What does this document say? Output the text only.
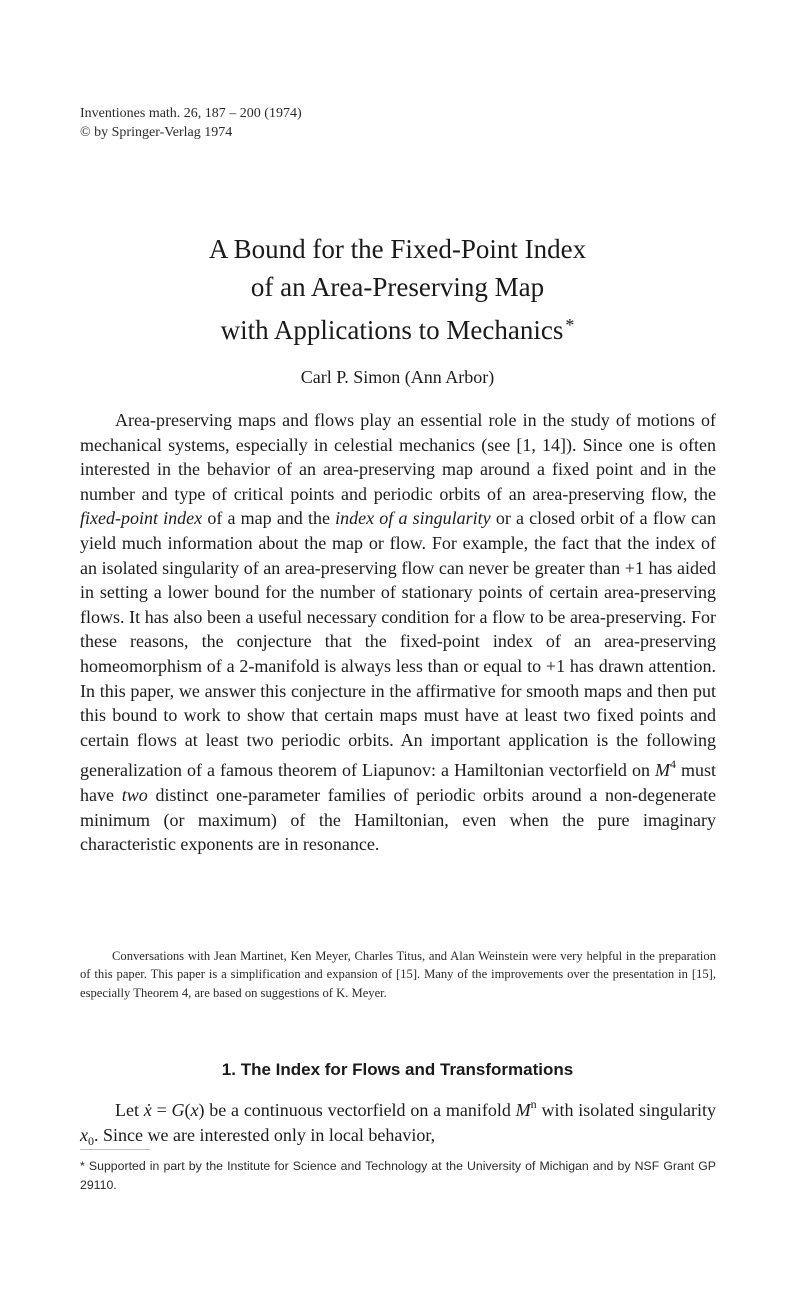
Inventiones math. 26, 187 – 200 (1974)
© by Springer-Verlag 1974
A Bound for the Fixed-Point Index
of an Area-Preserving Map
with Applications to Mechanics *
Carl P. Simon (Ann Arbor)

Area-preserving maps and flows play an essential role in the study of motions of mechanical systems, especially in celestial mechanics (see [1, 14]). Since one is often interested in the behavior of an area-preserving map around a fixed point and in the number and type of critical points and periodic orbits of an area-preserving flow, the fixed-point index of a map and the index of a singularity or a closed orbit of a flow can yield much information about the map or flow. For example, the fact that the index of an isolated singularity of an area-preserving flow can never be greater than +1 has aided in setting a lower bound for the number of stationary points of certain area-preserving flows. It has also been a useful necessary condition for a flow to be area-preserving. For these reasons, the conjecture that the fixed-point index of an area-preserving homeomorphism of a 2-manifold is always less than or equal to +1 has drawn attention. In this paper, we answer this conjecture in the affirmative for smooth maps and then put this bound to work to show that certain maps must have at least two fixed points and certain flows at least two periodic orbits. An important application is the following generalization of a famous theorem of Liapunov: a Hamiltonian vectorfield on $M^4$ must have two distinct one-parameter families of periodic orbits around a non-degenerate minimum (or maximum) of the Hamiltonian, even when the pure imaginary characteristic exponents are in resonance.

Conversations with Jean Martinet, Ken Meyer, Charles Titus, and Alan Weinstein were very helpful in the preparation of this paper. This paper is a simplification and expansion of [15]. Many of the improvements over the presentation in [15], especially Theorem 4, are based on suggestions of K. Meyer.

1. The Index for Flows and Transformations

Let ẋ = G(x) be a continuous vectorfield on a manifold $M^n$ with isolated singularity $x_0$. Since we are interested only in local behavior,

* Supported in part by the Institute for Science and Technology at the University of Michigan and by NSF Grant GP 29110.
